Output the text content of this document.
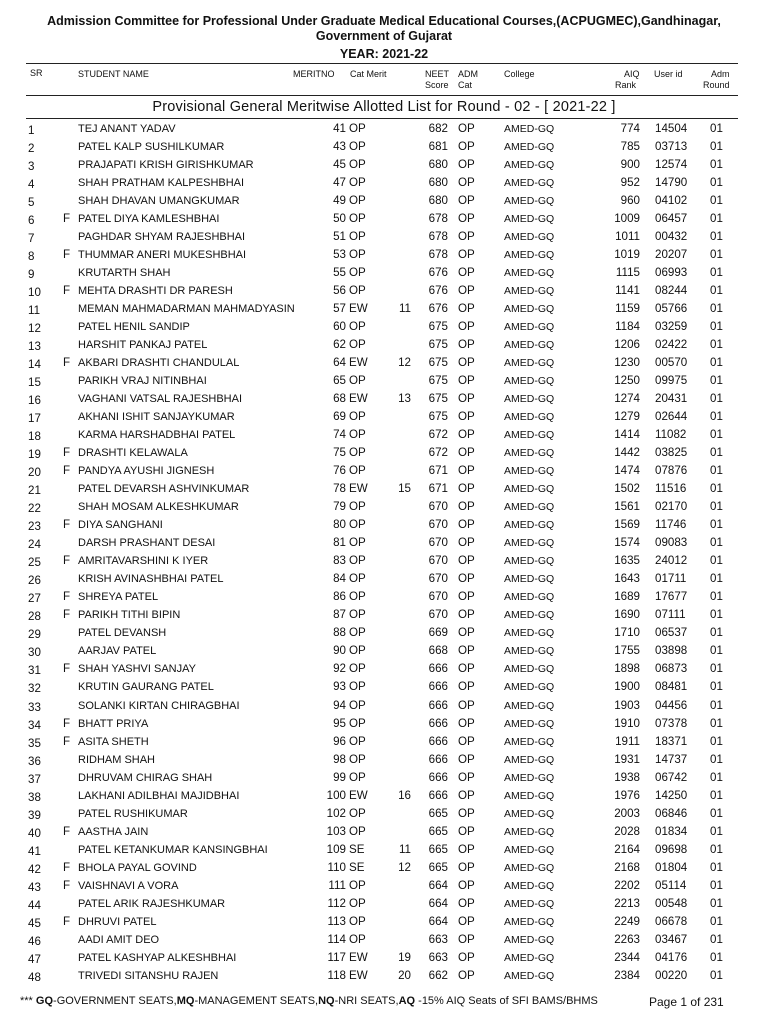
Admission Committee for Professional Under Graduate Medical Educational Courses,(ACPUGMEC),Gandhinagar,
Government of Gujarat
YEAR: 2021-22
SR	STUDENT NAME	MERITNO Cat Merit	NEET
Score
ADM
Cat
College	AIQ
Rank
User id	Adm
Round
Provisional General Meritwise Allotted List for Round - 02 - [ 2021-22 ]
1	TEJ ANANT YADAV	41 OP	682 OP	AMED-GQ	774 14504 01
2	PATEL KALP SUSHILKUMAR	43 OP	681 OP	AMED-GQ	785 03713 01
3	PRAJAPATI KRISH GIRISHKUMAR	45 OP	680 OP	AMED-GQ	900 12574 01
4	SHAH PRATHAM KALPESHBHAI	47 OP	680 OP	AMED-GQ	952 14790 01
5	SHAH DHAVAN UMANGKUMAR	49 OP	680 OP	AMED-GQ	960 04102 01
6 F PATEL DIYA KAMLESHBHAI	50 OP	678 OP	AMED-GQ	1009 06457 01
7	PAGHDAR SHYAM RAJESHBHAI	51 OP	678 OP	AMED-GQ	1011 00432 01
8 F THUMMAR ANERI MUKESHBHAI	53 OP	678 OP	AMED-GQ	1019 20207 01
9	KRUTARTH SHAH	55 OP	676 OP	AMED-GQ	1115 06993 01
10 F MEHTA DRASHTI DR PARESH	56 OP	676 OP	AMED-GQ	1141 08244 01
11	MEMAN MAHMADARMAN MAHMADYASIN	57 EW	11 676 OP	AMED-GQ	1159 05766 01
12	PATEL HENIL SANDIP	60 OP	675 OP	AMED-GQ	1184 03259 01
13	HARSHIT PANKAJ PATEL	62 OP	675 OP	AMED-GQ	1206 02422 01
14 F AKBARI DRASHTI CHANDULAL	64 EW	12 675 OP	AMED-GQ	1230 00570 01
15	PARIKH VRAJ NITINBHAI	65 OP	675 OP	AMED-GQ	1250 09975 01
16	VAGHANI VATSAL RAJESHBHAI	68 EW	13 675 OP	AMED-GQ	1274 20431 01
17	AKHANI ISHIT SANJAYKUMAR	69 OP	675 OP	AMED-GQ	1279 02644 01
18	KARMA HARSHADBHAI PATEL	74 OP	672 OP	AMED-GQ	1414 11082 01
19 F DRASHTI KELAWALA	75 OP	672 OP	AMED-GQ	1442 03825 01
20 F PANDYA AYUSHI JIGNESH	76 OP	671 OP	AMED-GQ	1474 07876 01
21	PATEL DEVARSH ASHVINKUMAR	78 EW	15 671 OP	AMED-GQ	1502 11516 01
22	SHAH MOSAM ALKESHKUMAR	79 OP	670 OP	AMED-GQ	1561 02170 01
23 F DIYA SANGHANI	80 OP	670 OP	AMED-GQ	1569 11746 01
24	DARSH PRASHANT DESAI	81 OP	670 OP	AMED-GQ	1574 09083 01
25 F AMRITAVARSHINI K IYER	83 OP	670 OP	AMED-GQ	1635 24012 01
26	KRISH AVINASHBHAI PATEL	84 OP	670 OP	AMED-GQ	1643 01711 01
27 F SHREYA PATEL	86 OP	670 OP	AMED-GQ	1689 17677 01
28 F PARIKH TITHI BIPIN	87 OP	670 OP	AMED-GQ	1690 07111 01
29	PATEL DEVANSH	88 OP	669 OP	AMED-GQ	1710 06537 01
30	AARJAV PATEL	90 OP	668 OP	AMED-GQ	1755 03898 01
31 F SHAH YASHVI SANJAY	92 OP	666 OP	AMED-GQ	1898 06873 01
32	KRUTIN GAURANG PATEL	93 OP	666 OP	AMED-GQ	1900 08481 01
33	SOLANKI KIRTAN CHIRAGBHAI	94 OP	666 OP	AMED-GQ	1903 04456 01
34 F BHATT PRIYA	95 OP	666 OP	AMED-GQ	1910 07378 01
35 F ASITA SHETH	96 OP	666 OP	AMED-GQ	1911 18371 01
36	RIDHAM SHAH	98 OP	666 OP	AMED-GQ	1931 14737 01
37	DHRUVAM CHIRAG SHAH	99 OP	666 OP	AMED-GQ	1938 06742 01
38	LAKHANI ADILBHAI MAJIDBHAI	100 EW	16 666 OP	AMED-GQ	1976 14250 01
39	PATEL RUSHIKUMAR	102 OP	665 OP	AMED-GQ	2003 06846 01
40 F AASTHA JAIN	103 OP	665 OP	AMED-GQ	2028 01834 01
41	PATEL KETANKUMAR KANSINGBHAI	109 SE	11 665 OP	AMED-GQ	2164 09698 01
42 F BHOLA PAYAL GOVIND	110 SE	12 665 OP	AMED-GQ	2168 01804 01
43 F VAISHNAVI A VORA	111 OP	664 OP	AMED-GQ	2202 05114 01
44	PATEL ARIK RAJESHKUMAR	112 OP	664 OP	AMED-GQ	2213 00548 01
45 F DHRUVI PATEL	113 OP	664 OP	AMED-GQ	2249 06678 01
46	AADI AMIT DEO	114 OP	663 OP	AMED-GQ	2263 03467 01
47	PATEL KASHYAP ALKESHBHAI	117 EW	19 663 OP	AMED-GQ	2344 04176 01
48	TRIVEDI SITANSHU RAJEN	118 EW	20 662 OP	AMED-GQ	2384 00220 01
*** GQ-GOVERNMENT SEATS,MQ-MANAGEMENT SEATS,NQ-NRI SEATS,AQ -15% AIQ Seats of SFI BAMS/BHMS	Page 1 of 231
